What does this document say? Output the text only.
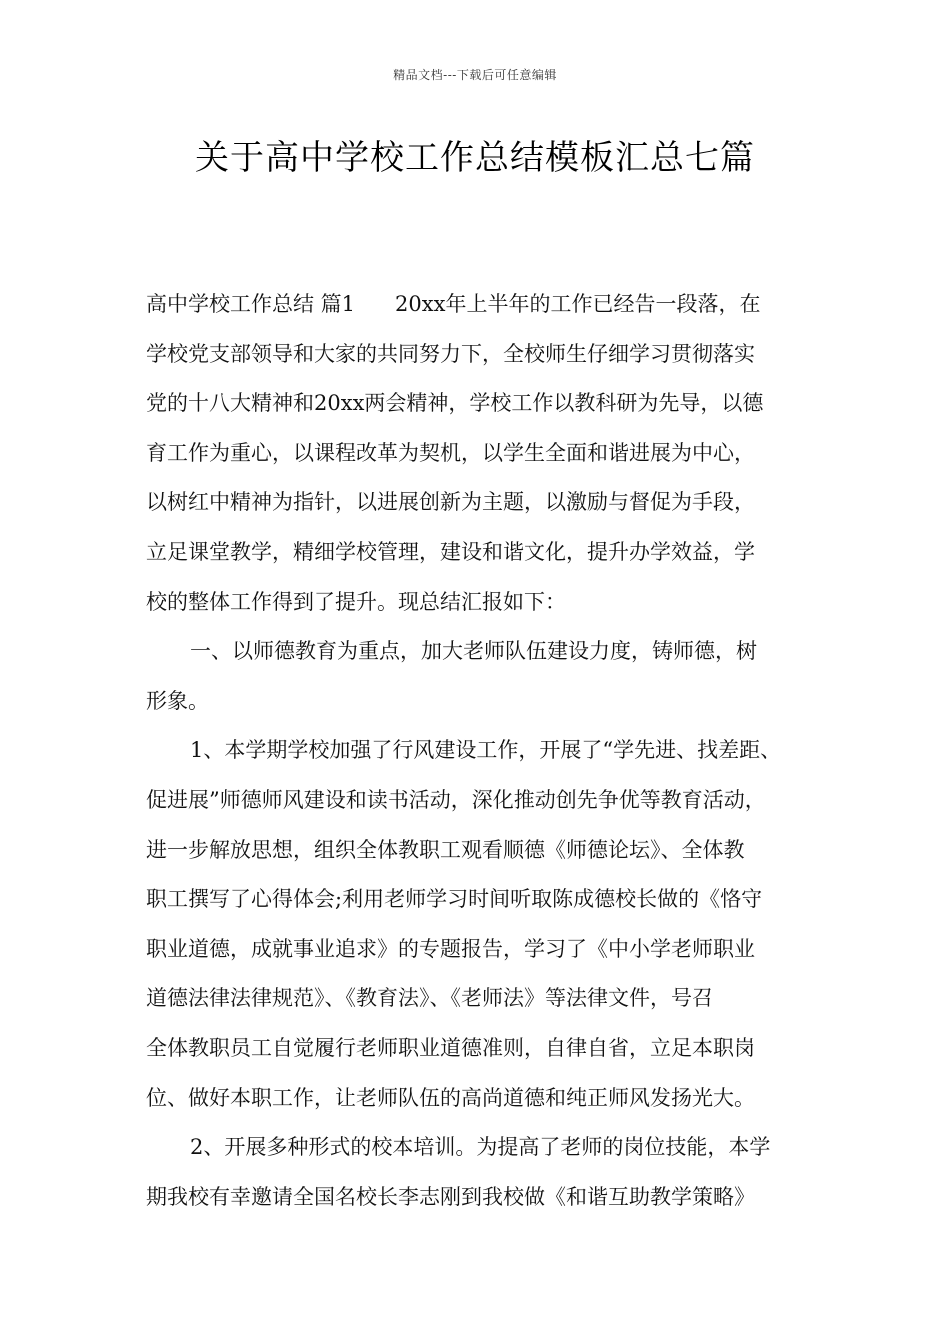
精品文档---下载后可任意编辑
关于高中学校工作总结模板汇总七篇

高中学校工作总结 篇1 20xx年上半年的工作已经告一段落，在
学校党支部领导和大家的共同努力下，全校师生仔细学习贯彻落实
党的十八大精神和20xx两会精神，学校工作以教科研为先导，以德
育工作为重心，以课程改革为契机，以学生全面和谐进展为中心，
以树红中精神为指针，以进展创新为主题，以激励与督促为手段，
立足课堂教学，精细学校管理，建设和谐文化，提升办学效益，学
校的整体工作得到了提升。现总结汇报如下：

一、以师德教育为重点，加大老师队伍建设力度，铸师德，树
形象。

1、本学期学校加强了行风建设工作，开展了“学先进、找差距、
促进展”师德师风建设和读书活动，深化推动创先争优等教育活动，
进一步解放思想，组织全体教职工观看顺德《师德论坛》、全体教
职工撰写了心得体会;利用老师学习时间听取陈成德校长做的《恪守
职业道德，成就事业追求》的专题报告，学习了《中小学老师职业
道德法律法律规范》、《教育法》、《老师法》等法律文件，号召
全体教职员工自觉履行老师职业道德准则，自律自省，立足本职岗
位、做好本职工作，让老师队伍的高尚道德和纯正师风发扬光大。

2、开展多种形式的校本培训。为提高了老师的岗位技能，本学
期我校有幸邀请全国名校长李志刚到我校做《和谐互助教学策略》
